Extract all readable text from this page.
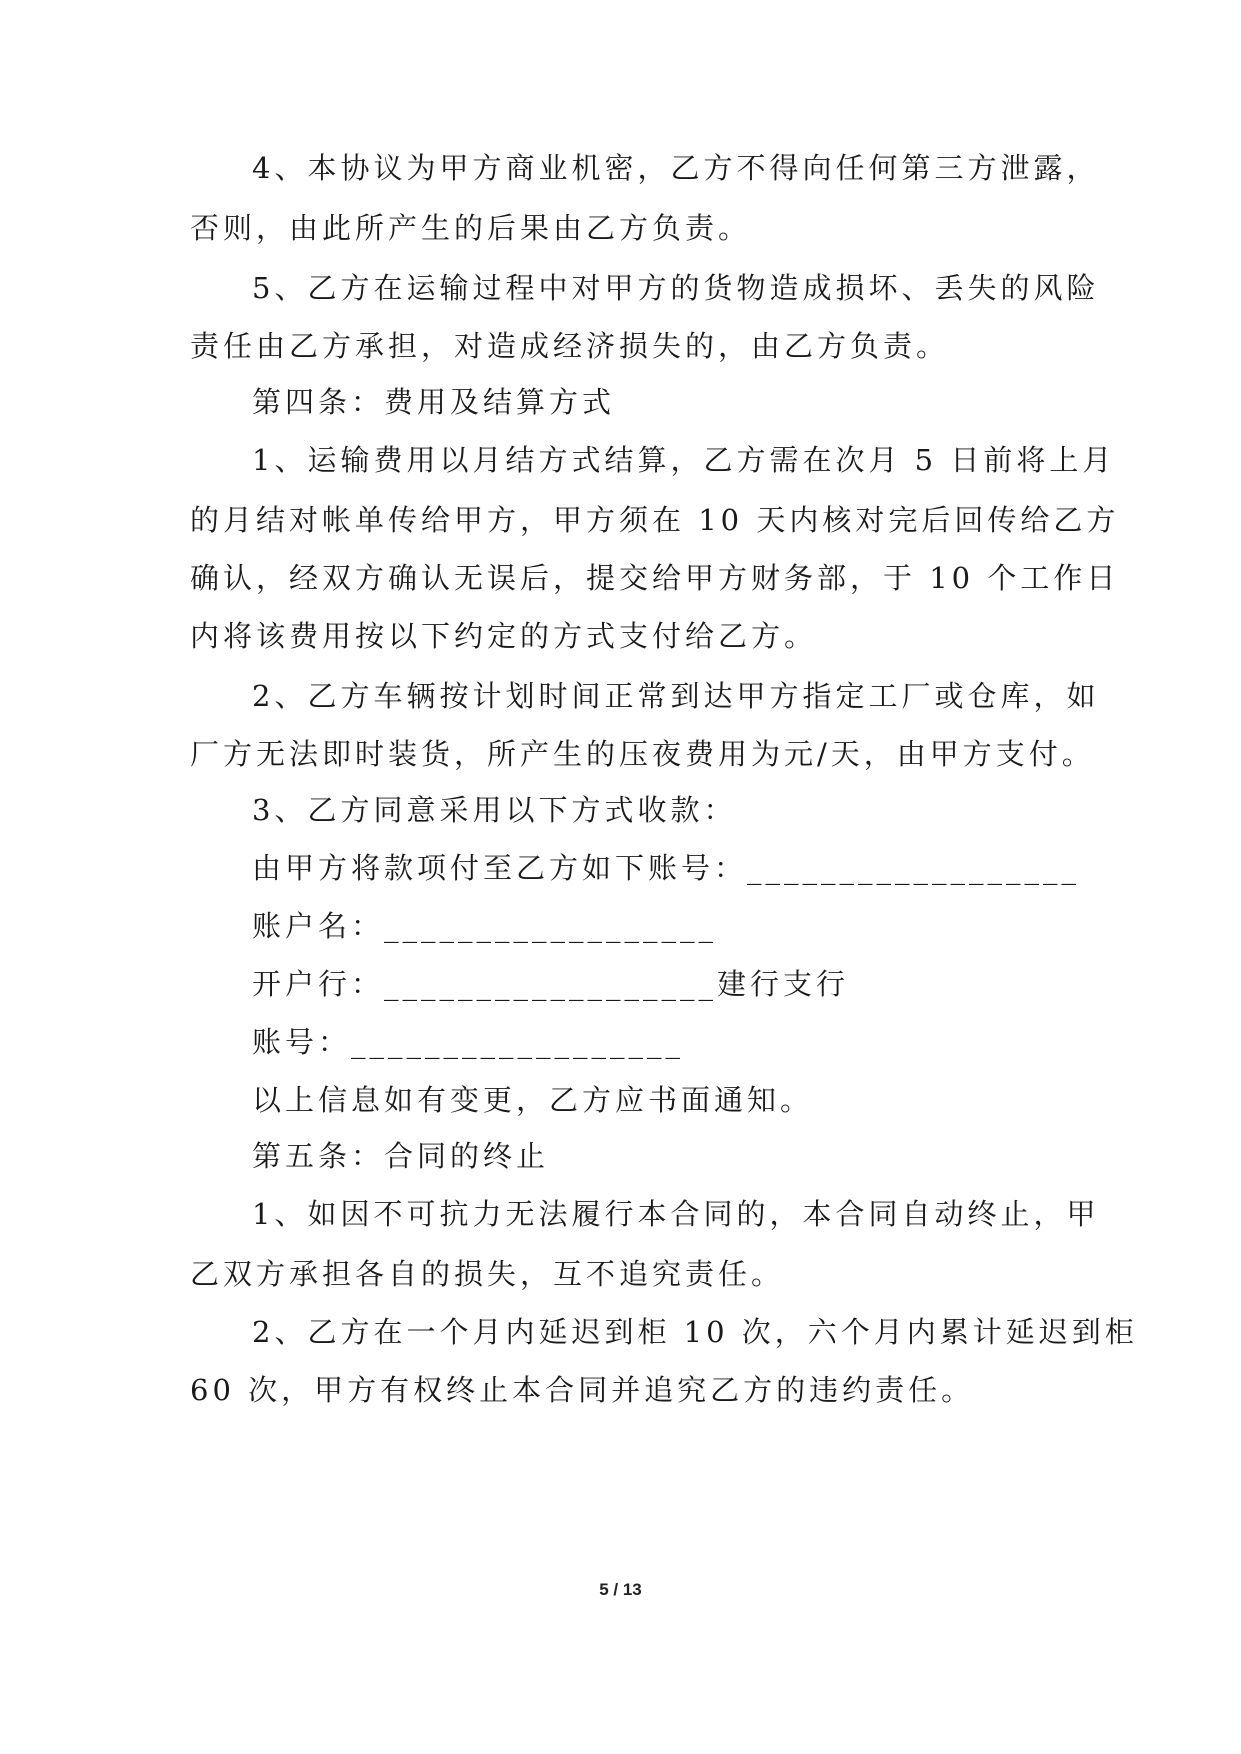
4、本协议为甲方商业机密，乙方不得向任何第三方泄露，

否则，由此所产生的后果由乙方负责。

5、乙方在运输过程中对甲方的货物造成损坏、丢失的风险

责任由乙方承担，对造成经济损失的，由乙方负责。

第四条：费用及结算方式

1、运输费用以月结方式结算，乙方需在次月 5 日前将上月

的月结对帐单传给甲方，甲方须在 10 天内核对完后回传给乙方

确认，经双方确认无误后，提交给甲方财务部，于 10 个工作日

内将该费用按以下约定的方式支付给乙方。

2、乙方车辆按计划时间正常到达甲方指定工厂或仓库，如

厂方无法即时装货，所产生的压夜费用为元/天，由甲方支付。

3、乙方同意采用以下方式收款：

由甲方将款项付至乙方如下账号：__________________

账户名：__________________

开户行：__________________建行支行

账号：__________________

以上信息如有变更，乙方应书面通知。

第五条：合同的终止

1、如因不可抗力无法履行本合同的，本合同自动终止，甲

乙双方承担各自的损失，互不追究责任。

2、乙方在一个月内延迟到柜 10 次，六个月内累计延迟到柜

60 次，甲方有权终止本合同并追究乙方的违约责任。

5 / 13
